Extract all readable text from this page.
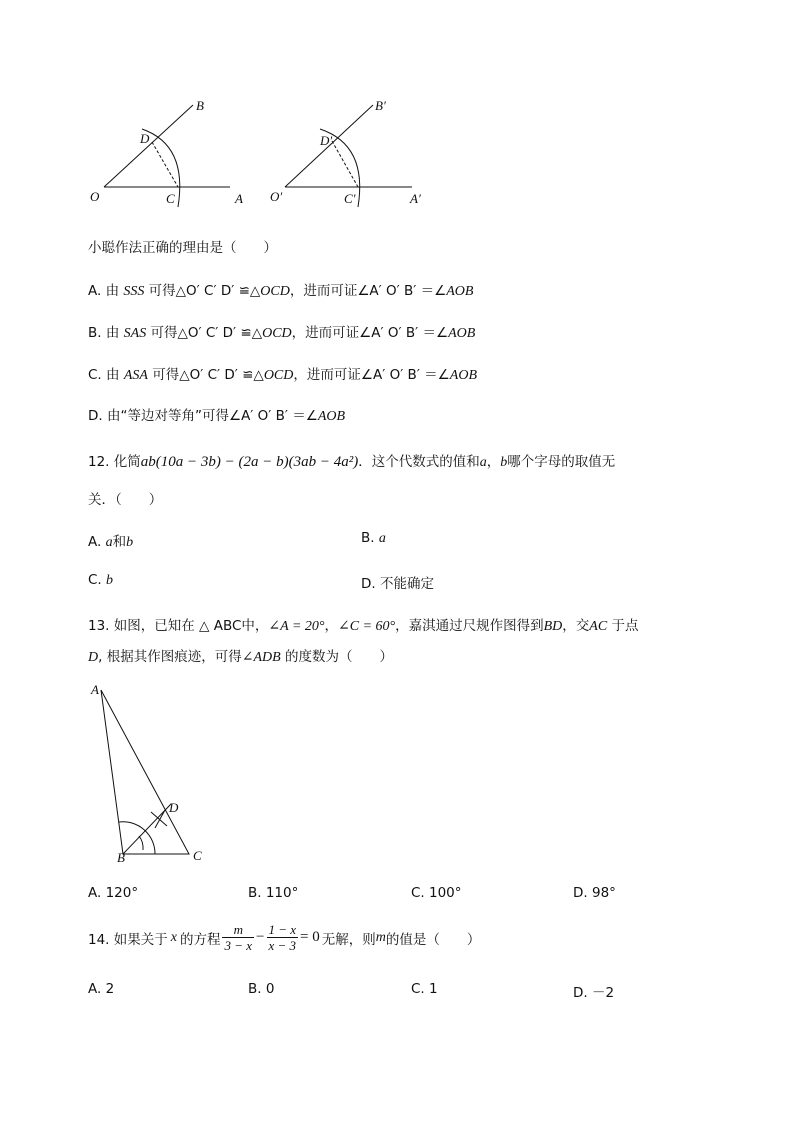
O	A
B
C
D
O′	A′
B′
C′
D′
小聪作法正确的理由是（　　）
A. 由 SSS 可得△O′ C′ D′ ≌△OCD，进而可证∠A′ O′ B′ ＝∠AOB
B. 由 SAS 可得△O′ C′ D′ ≌△OCD，进而可证∠A′ O′ B′ ＝∠AOB
C. 由 ASA 可得△O′ C′ D′ ≌△OCD，进而可证∠A′ O′ B′ ＝∠AOB
D. 由“等边对等角”可得∠A′ O′ B′ ＝∠AOB
12. 化简ab(10a − 3b) − (2a − b)(3ab − 4a²)．这个代数式的值和a，b哪个字母的取值无
关．（　　）
A. a和b	B. a
C. b	D. 不能确定
13. 如图，已知在 △ ABC中，∠A = 20°，∠C = 60°，嘉淇通过尺规作图得到BD，交AC 于点
D, 根据其作图痕迹，可得∠ADB 的度数为（　　）
A
B	C
D
A. 120°	B. 110°	C. 100°	D. 98°
14. 如果关于 x 的方程 $\frac{m}{3 - x} - \frac{1 - x}{x - 3} = 0$ 无解，则 m 的值是（　　）
A. 2	B. 0	C. 1	D. －2
